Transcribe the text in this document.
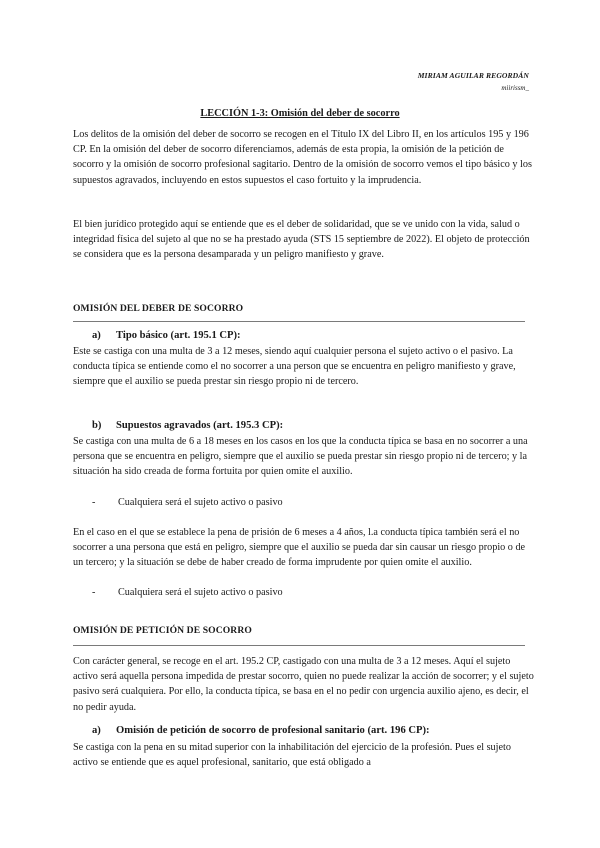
MIRIAM AGUILAR REGORDÁN
miirissm_
LECCIÓN 1-3: Omisión del deber de socorro
Los delitos de la omisión del deber de socorro se recogen en el Título IX del Libro II, en los artículos 195 y 196 CP. En la omisión del deber de socorro diferenciamos, además de esta propia, la omisión de la petición de socorro y la omisión de socorro profesional sagitario. Dentro de la omisión de socorro vemos el tipo básico y los supuestos agravados, incluyendo en estos supuestos el caso fortuito y la imprudencia.
El bien jurídico protegido aquí se entiende que es el deber de solidaridad, que se ve unido con la vida, salud o integridad física del sujeto al que no se ha prestado ayuda (STS 15 septiembre de 2022). El objeto de protección se considera que es la persona desamparada y un peligro manifiesto y grave.
OMISIÓN DEL DEBER DE SOCORRO
a) Tipo básico (art. 195.1 CP):
Este se castiga con una multa de 3 a 12 meses, siendo aquí cualquier persona el sujeto activo o el pasivo. La conducta típica se entiende como el no socorrer a una person que se encuentra en peligro manifiesto y grave, siempre que el auxilio se pueda prestar sin riesgo propio ni de tercero.
b) Supuestos agravados (art. 195.3 CP):
Se castiga con una multa de 6 a 18 meses en los casos en los que la conducta típica se basa en no socorrer a una persona que se encuentra en peligro, siempre que el auxilio se pueda prestar sin riesgo propio ni de tercero; y la situación ha sido creada de forma fortuita por quien omite el auxilio.
- Cualquiera será el sujeto activo o pasivo
En el caso en el que se establece la pena de prisión de 6 meses a 4 años, l.a conducta típica también será el no socorrer a una persona que está en peligro, siempre que el auxilio se pueda dar sin causar un riesgo propio o de un tercero; y la situación se debe de haber creado de forma imprudente por quien omite el auxilio.
- Cualquiera será el sujeto activo o pasivo
OMISIÓN DE PETICIÓN DE SOCORRO
Con carácter general, se recoge en el art. 195.2 CP, castigado con una multa de 3 a 12 meses. Aquí el sujeto activo será aquella persona impedida de prestar socorro, quien no puede realizar la acción de socorrer; y el sujeto pasivo será cualquiera. Por ello, la conducta típica, se basa en el no pedir con urgencia auxilio ajeno, es decir, el no pedir ayuda.
a) Omisión de petición de socorro de profesional sanitario (art. 196 CP):
Se castiga con la pena en su mitad superior con la inhabilitación del ejercicio de la profesión. Pues el sujeto activo se entiende que es aquel profesional, sanitario, que está obligado a
